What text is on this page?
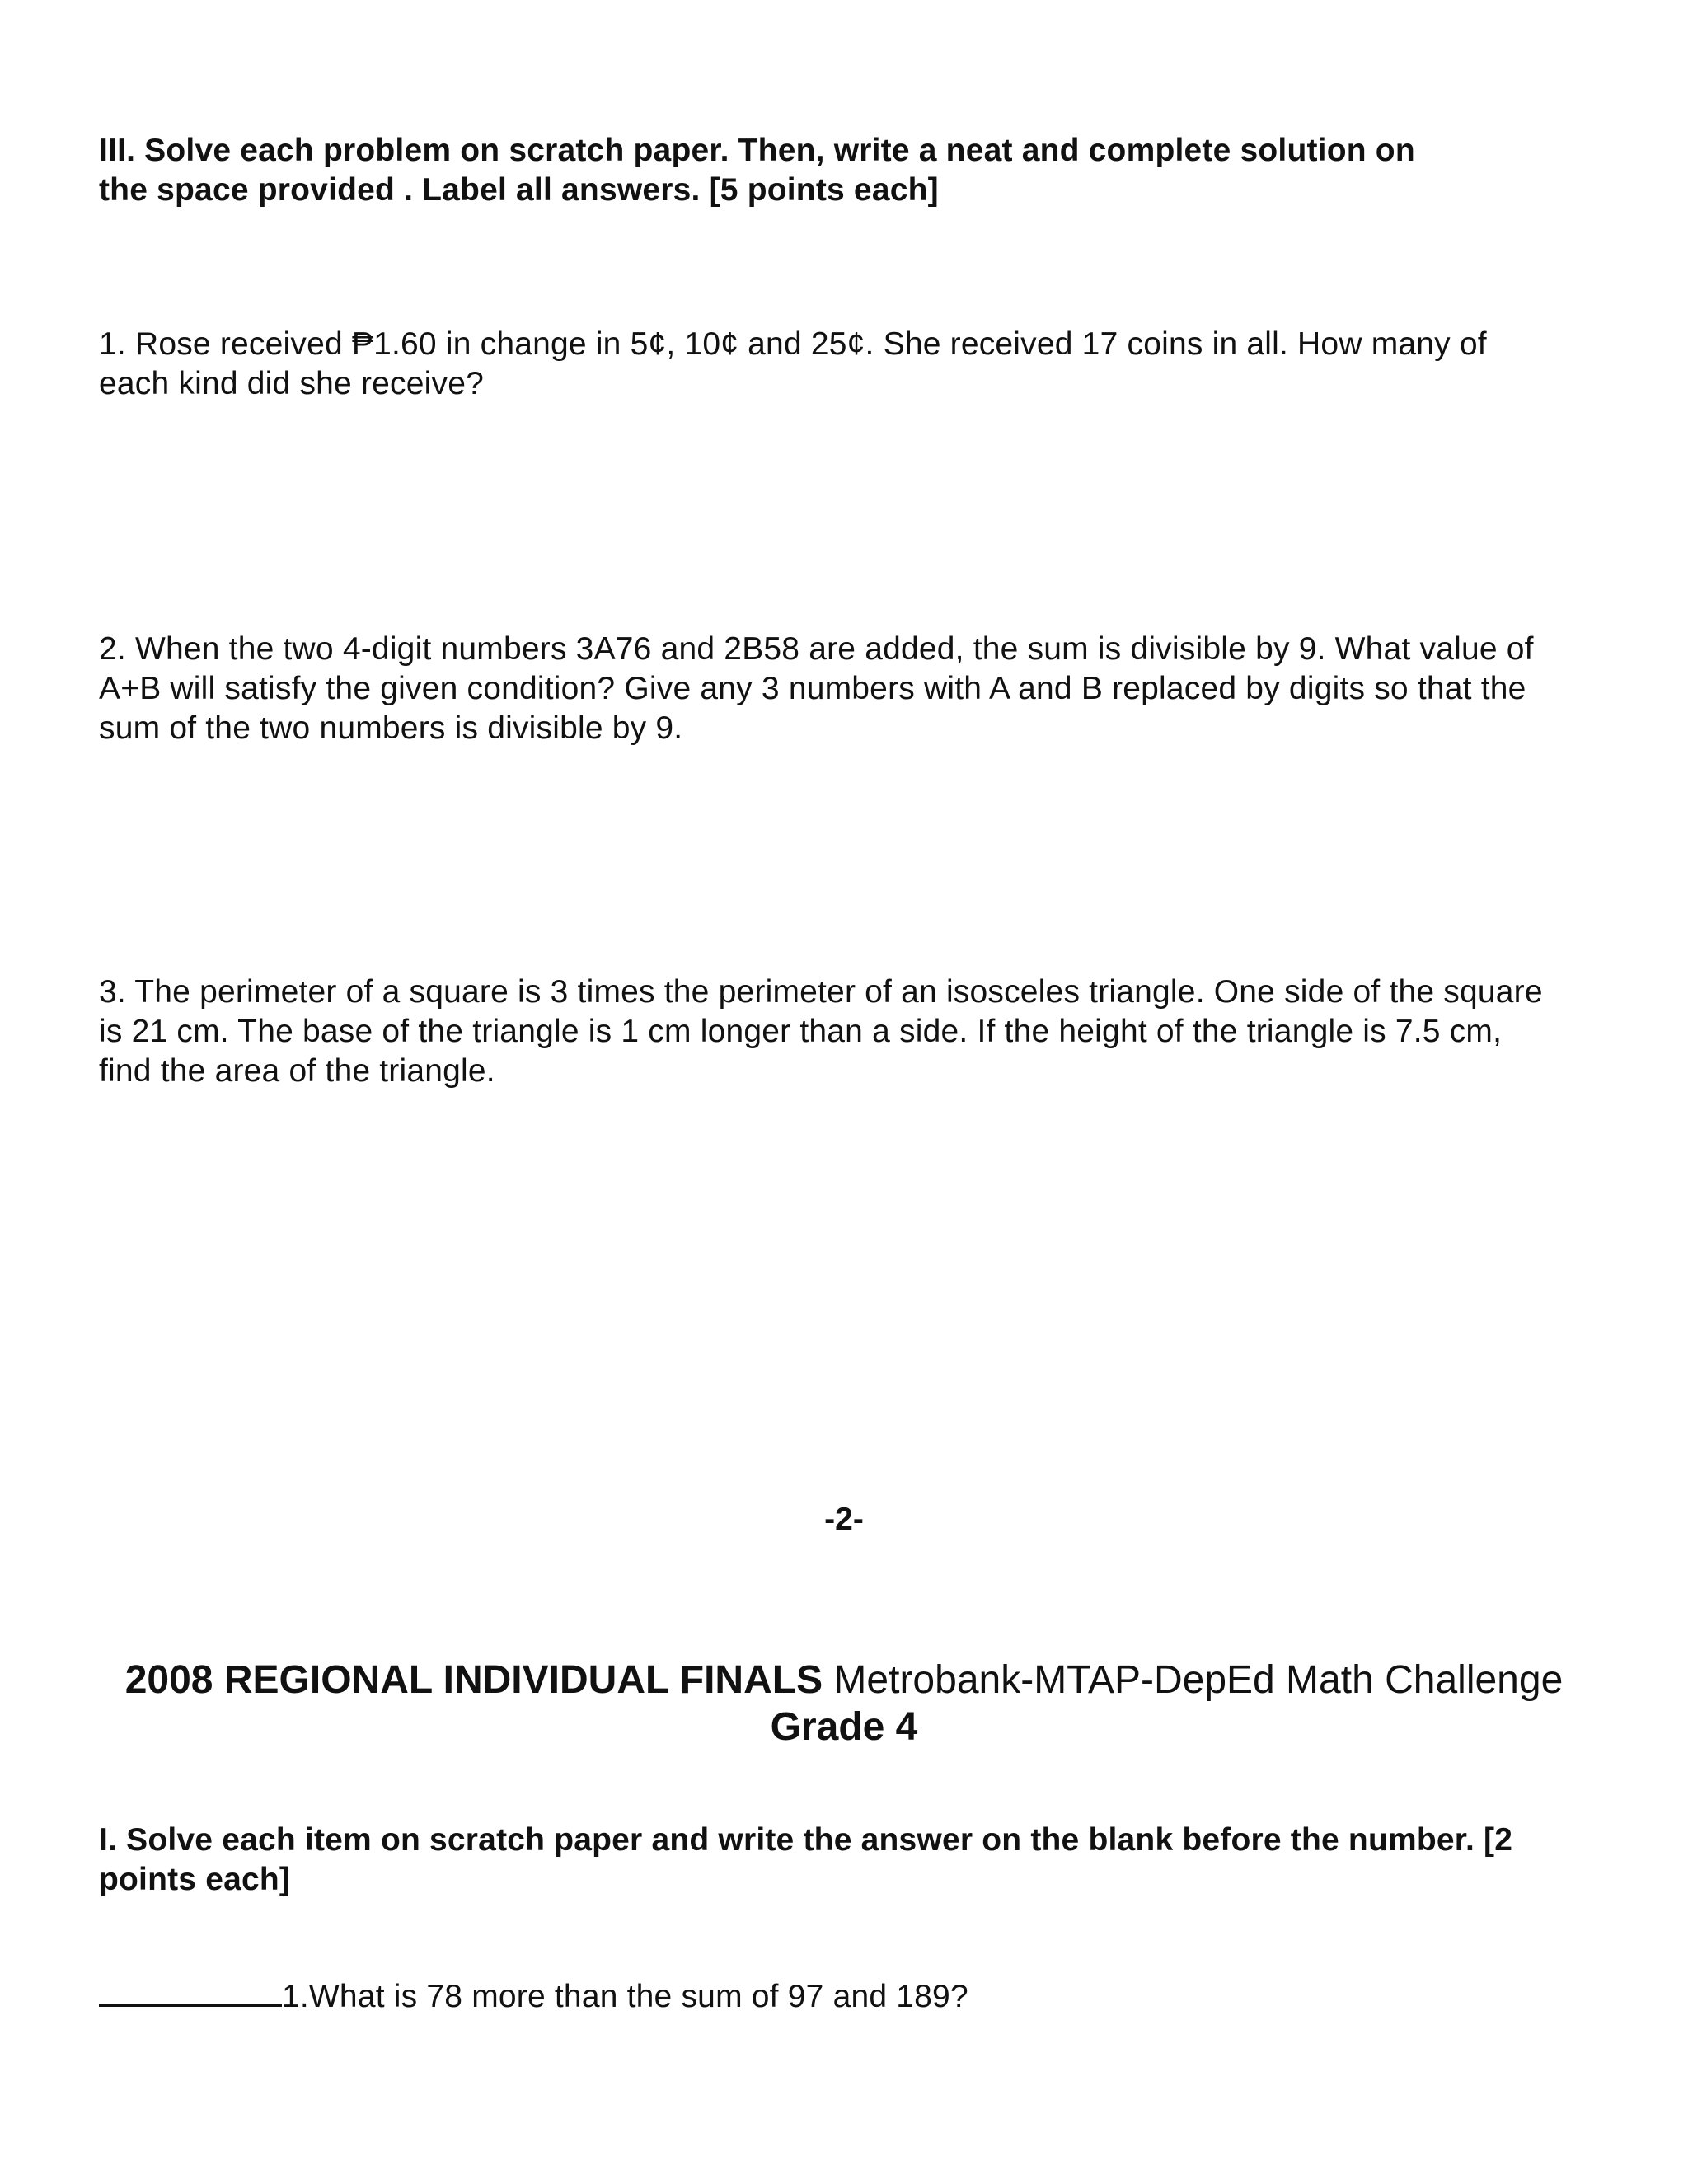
III. Solve each problem on scratch paper. Then, write a neat and complete solution on
the space provided . Label all answers. [5 points each]
1. Rose received ₱1.60 in change in 5¢, 10¢ and 25¢. She received 17 coins in all. How many of
each kind did she receive?
2. When the two 4-digit numbers 3A76 and 2B58 are added, the sum is divisible by 9. What value of
A+B will satisfy the given condition? Give any 3 numbers with A and B replaced by digits so that the
sum of the two numbers is divisible by 9.
3. The perimeter of a square is 3 times the perimeter of an isosceles triangle. One side of the square
is 21 cm. The base of the triangle is 1 cm longer than a side. If the height of the triangle is 7.5 cm,
find the area of the triangle.
-2-
2008 REGIONAL INDIVIDUAL FINALS Metrobank-MTAP-DepEd Math Challenge
Grade 4
I. Solve each item on scratch paper and write the answer on the blank before the number. [2
points each]
1.What is 78 more than the sum of 97 and 189?
